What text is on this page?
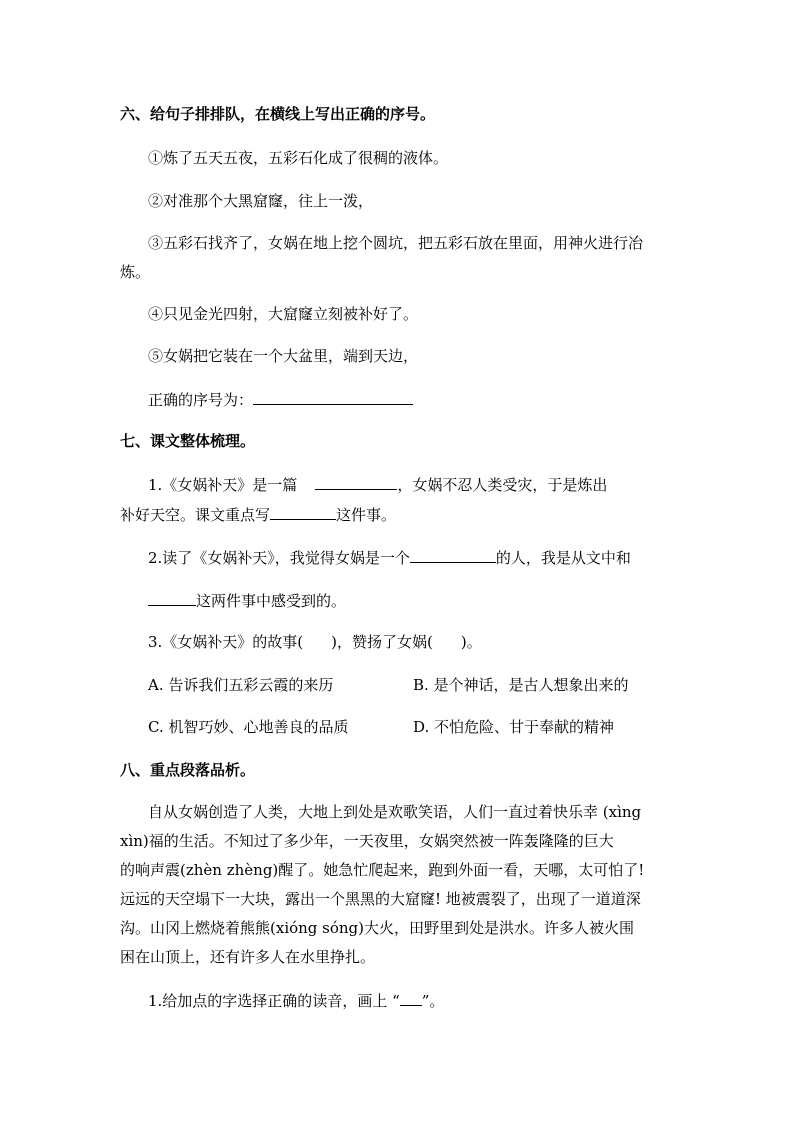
六、给句子排排队，在横线上写出正确的序号。
①炼了五天五夜，五彩石化成了很稠的液体。
②对准那个大黑窟窿，往上一泼，
③五彩石找齐了，女娲在地上挖个圆坑，把五彩石放在里面，用神火进行冶
炼。
④只见金光四射，大窟窿立刻被补好了。
⑤女娲把它装在一个大盆里，端到天边，
正确的序号为：
七、课文整体梳理。
1.《女娲补天》是一篇	，女娲不忍人类受灾，于是炼出
补好天空。课文重点写	这件事。
2.读了《女娲补天》，我觉得女娲是一个	的人，我是从文中和
这两件事中感受到的。
3.《女娲补天》的故事( )，赞扬了女娲( )。
A. 告诉我们五彩云霞的来历	B. 是个神话，是古人想象出来的
C. 机智巧妙、心地善良的品质	D. 不怕危险、甘于奉献的精神
八、重点段落品析。
自从女娲创造了人类，大地上到处是欢歌笑语，人们一直过着快乐幸 (xìng
xìn)福的生活。不知过了多少年，一天夜里，女娲突然被一阵轰隆隆的巨大
的响声震(zhèn zhèng)醒了。她急忙爬起来，跑到外面一看，天哪，太可怕了!
远远的天空塌下一大块，露出一个黑黑的大窟窿! 地被震裂了，出现了一道道深
沟。山冈上燃烧着熊熊(xióng sóng)大火，田野里到处是洪水。许多人被火围
困在山顶上，还有许多人在水里挣扎。
1.给加点的字选择正确的读音，画上 “ ”。
